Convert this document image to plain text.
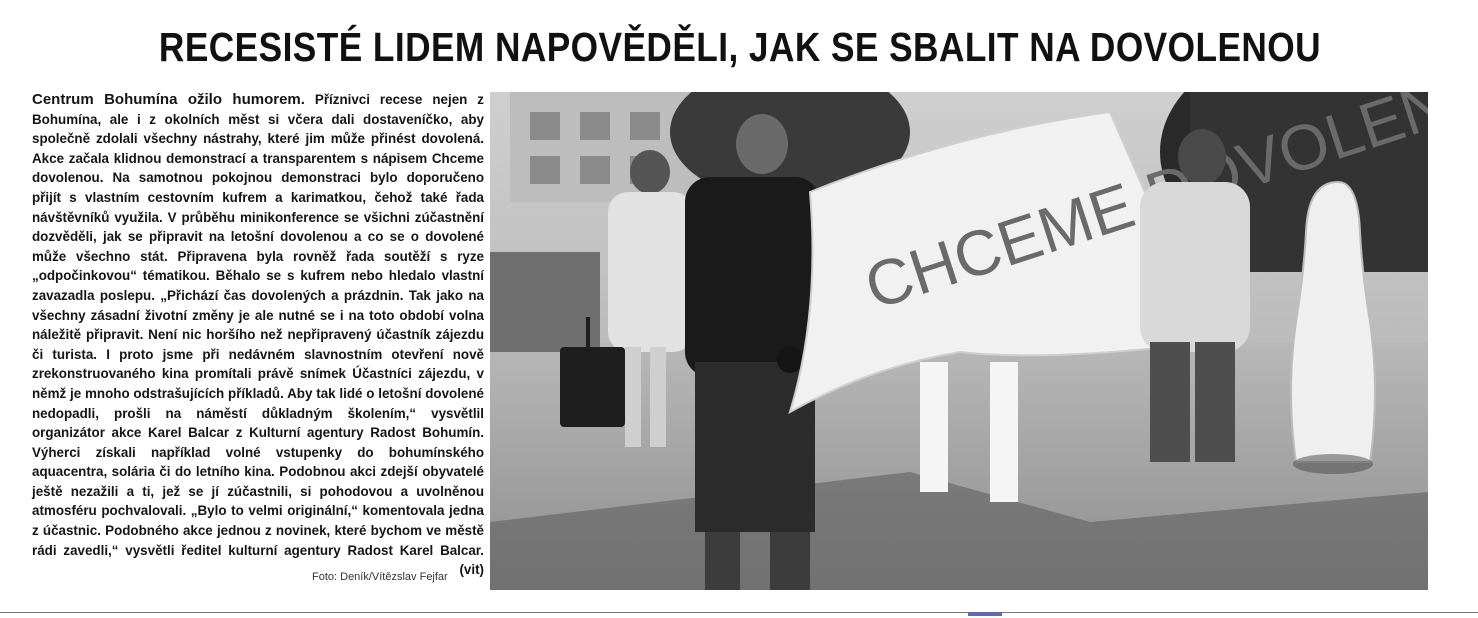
RECESISTÉ LIDEM NAPOVĚDĚLI, JAK SE SBALIT NA DOVOLENOU
Centrum Bohumína ožilo humorem. Příznivci recese nejen z Bohumína, ale i z okolních měst si včera dali dostaveníčko, aby společně zdolali všechny nástrahy, které jim může přinést dovolená. Akce začala klidnou demonstrací a transparentem s nápisem Chceme dovolenou. Na samotnou pokojnou demonstraci bylo doporučeno přijít s vlastním cestovním kufrem a karimatkou, čehož také řada návštěvníků využila. V průběhu minikonference se všichni zúčastnění dozvěděli, jak se připravit na letošní dovolenou a co se o dovolené může všechno stát. Připravena byla rovněž řada soutěží s ryze „odpočinkovou“ tématikou. Běhalo se s kufrem nebo hledalo vlastní zavazadla poslepu. „Přichází čas dovolených a prázdnin. Tak jako na všechny zásadní životní změny je ale nutné se i na toto období volna náležitě připravit. Není nic horšího než nepřipravený účastník zájezdu či turista. I proto jsme při nedávném slavnostním otevření nově zrekonstruovaného kina promítali právě snímek Účastníci zájezdu, v němž je mnoho odstrašujících příkladů. Aby tak lidé o letošní dovolené nedopadli, prošli na náměstí důkladným školením,“ vysvětlil organizátor akce Karel Balcar z Kulturní agentury Radost Bohumín. Výherci získali například volné vstupenky do bohumínského aquacentra, solária či do letního kina. Podobnou akci zdejší obyvatelé ještě nezažili a ti, jež se jí zúčastnili, si pohodovou a uvolněnou atmosféru pochvalovali. „Bylo to velmi originální,“ komentovala jedna z účastnic. Podobného akce jednou z novinek, které bychom ve městě rádi zavedli,“ vysvětli ředitel kulturní agentury Radost Karel Balcar. (vit)
Foto: Deník/Vítězslav Fejfar
CHCEME DOVOLENOU
